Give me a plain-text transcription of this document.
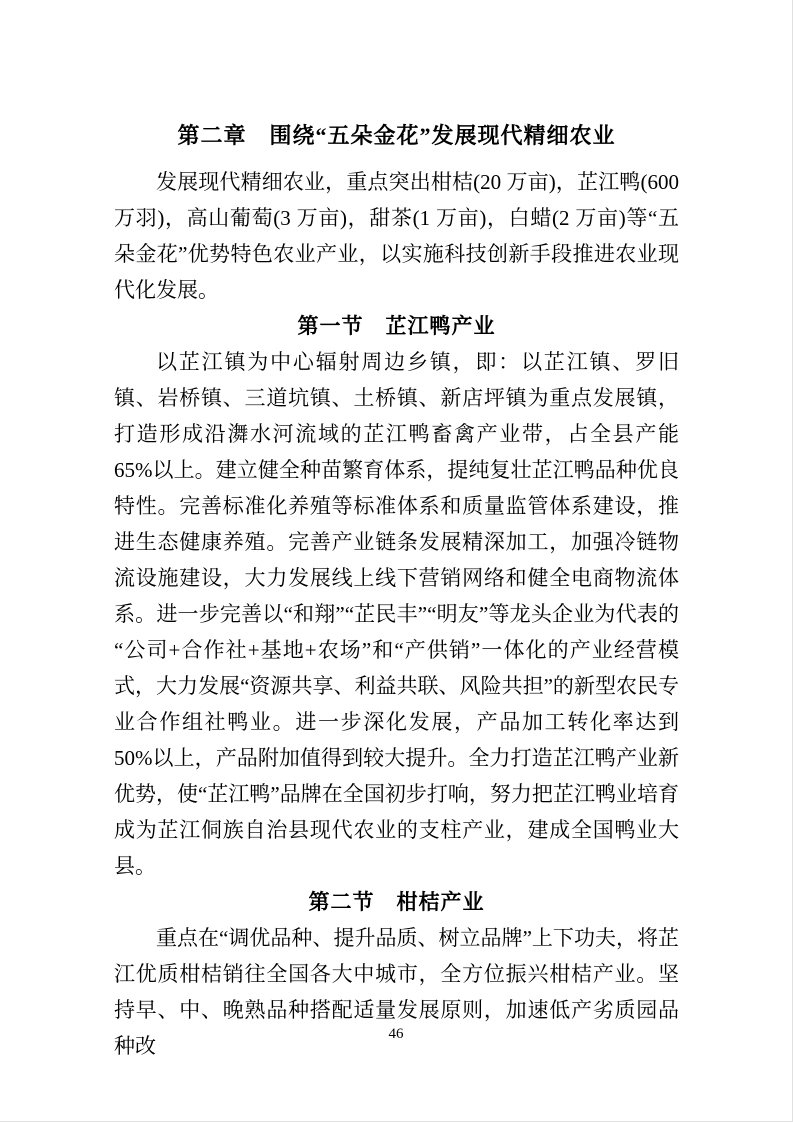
第二章　围绕“五朵金花”发展现代精细农业

发展现代精细农业，重点突出柑桔(20 万亩)，芷江鸭(600 万羽)，高山葡萄(3 万亩)，甜茶(1 万亩)，白蜡(2 万亩)等“五朵金花”优势特色农业产业，以实施科技创新手段推进农业现代化发展。

第一节　芷江鸭产业

以芷江镇为中心辐射周边乡镇，即：以芷江镇、罗旧镇、岩桥镇、三道坑镇、土桥镇、新店坪镇为重点发展镇，打造形成沿㵲水河流域的芷江鸭畜禽产业带，占全县产能 65%以上。建立健全种苗繁育体系，提纯复壮芷江鸭品种优良特性。完善标准化养殖等标准体系和质量监管体系建设，推进生态健康养殖。完善产业链条发展精深加工，加强冷链物流设施建设，大力发展线上线下营销网络和健全电商物流体系。进一步完善以“和翔”“芷民丰”“明友”等龙头企业为代表的“公司+合作社+基地+农场”和“产供销”一体化的产业经营模式，大力发展“资源共享、利益共联、风险共担”的新型农民专业合作组社鸭业。进一步深化发展，产品加工转化率达到 50%以上，产品附加值得到较大提升。全力打造芷江鸭产业新优势，使“芷江鸭”品牌在全国初步打响，努力把芷江鸭业培育成为芷江侗族自治县现代农业的支柱产业，建成全国鸭业大县。

第二节　柑桔产业

重点在“调优品种、提升品质、树立品牌”上下功夫，将芷江优质柑桔销往全国各大中城市，全方位振兴柑桔产业。坚持早、中、晚熟品种搭配适量发展原则，加速低产劣质园品种改	46
